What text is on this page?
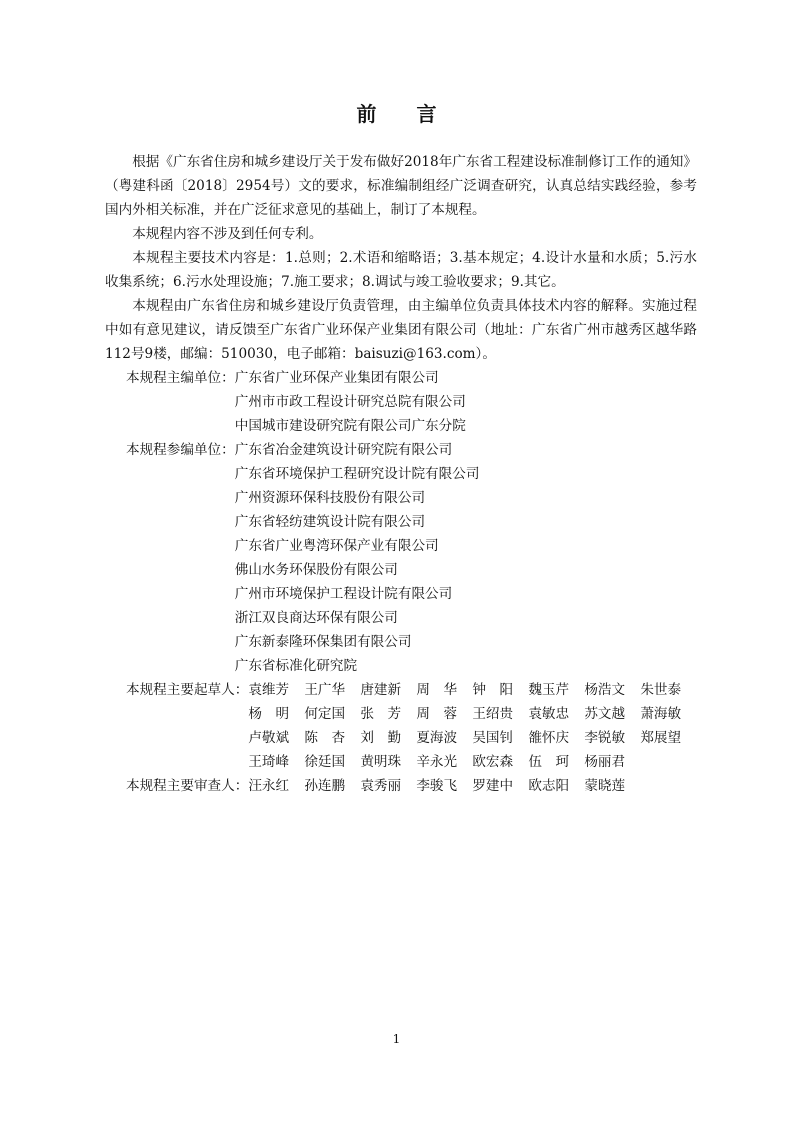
前言

根据《广东省住房和城乡建设厅关于发布做好2018年广东省工程建设标准制修订工作的通知》（粤建科函〔2018〕2954号）文的要求，标准编制组经广泛调查研究，认真总结实践经验，参考国内外相关标准，并在广泛征求意见的基础上，制订了本规程。

本规程内容不涉及到任何专利。

本规程主要技术内容是：1.总则；2.术语和缩略语；3.基本规定；4.设计水量和水质；5.污水收集系统；6.污水处理设施；7.施工要求；8.调试与竣工验收要求；9.其它。

本规程由广东省住房和城乡建设厅负责管理，由主编单位负责具体技术内容的解释。实施过程中如有意见建议，请反馈至广东省广业环保产业集团有限公司（地址：广东省广州市越秀区越华路112号9楼，邮编：510030，电子邮箱：baisuzi@163.com）。

本规程主编单位： 广东省广业环保产业集团有限公司
广州市市政工程设计研究总院有限公司
中国城市建设研究院有限公司广东分院
本规程参编单位： 广东省冶金建筑设计研究院有限公司
广东省环境保护工程研究设计院有限公司
广州资源环保科技股份有限公司
广东省轻纺建筑设计院有限公司
广东省广业粤湾环保产业有限公司
佛山水务环保股份有限公司
广州市环境保护工程设计院有限公司
浙江双良商达环保有限公司
广东新泰隆环保集团有限公司
广东省标准化研究院
本规程主要起草人： 袁维芳	王广华	唐建新	周　华	钟　阳	魏玉芹	杨浩文	朱世泰
杨　明	何定国	张　芳	周　蓉	王绍贵	袁敏忠	苏文越	萧海敏
卢敬斌	陈　杏	刘　勤	夏海波	吴国钊	雒怀庆	李锐敏	郑展望
王琦峰	徐廷国	黄明珠	辛永光	欧宏森	伍　珂	杨丽君
本规程主要审查人： 汪永红	孙连鹏	袁秀丽	李骏飞	罗建中	欧志阳	蒙晓莲
1
